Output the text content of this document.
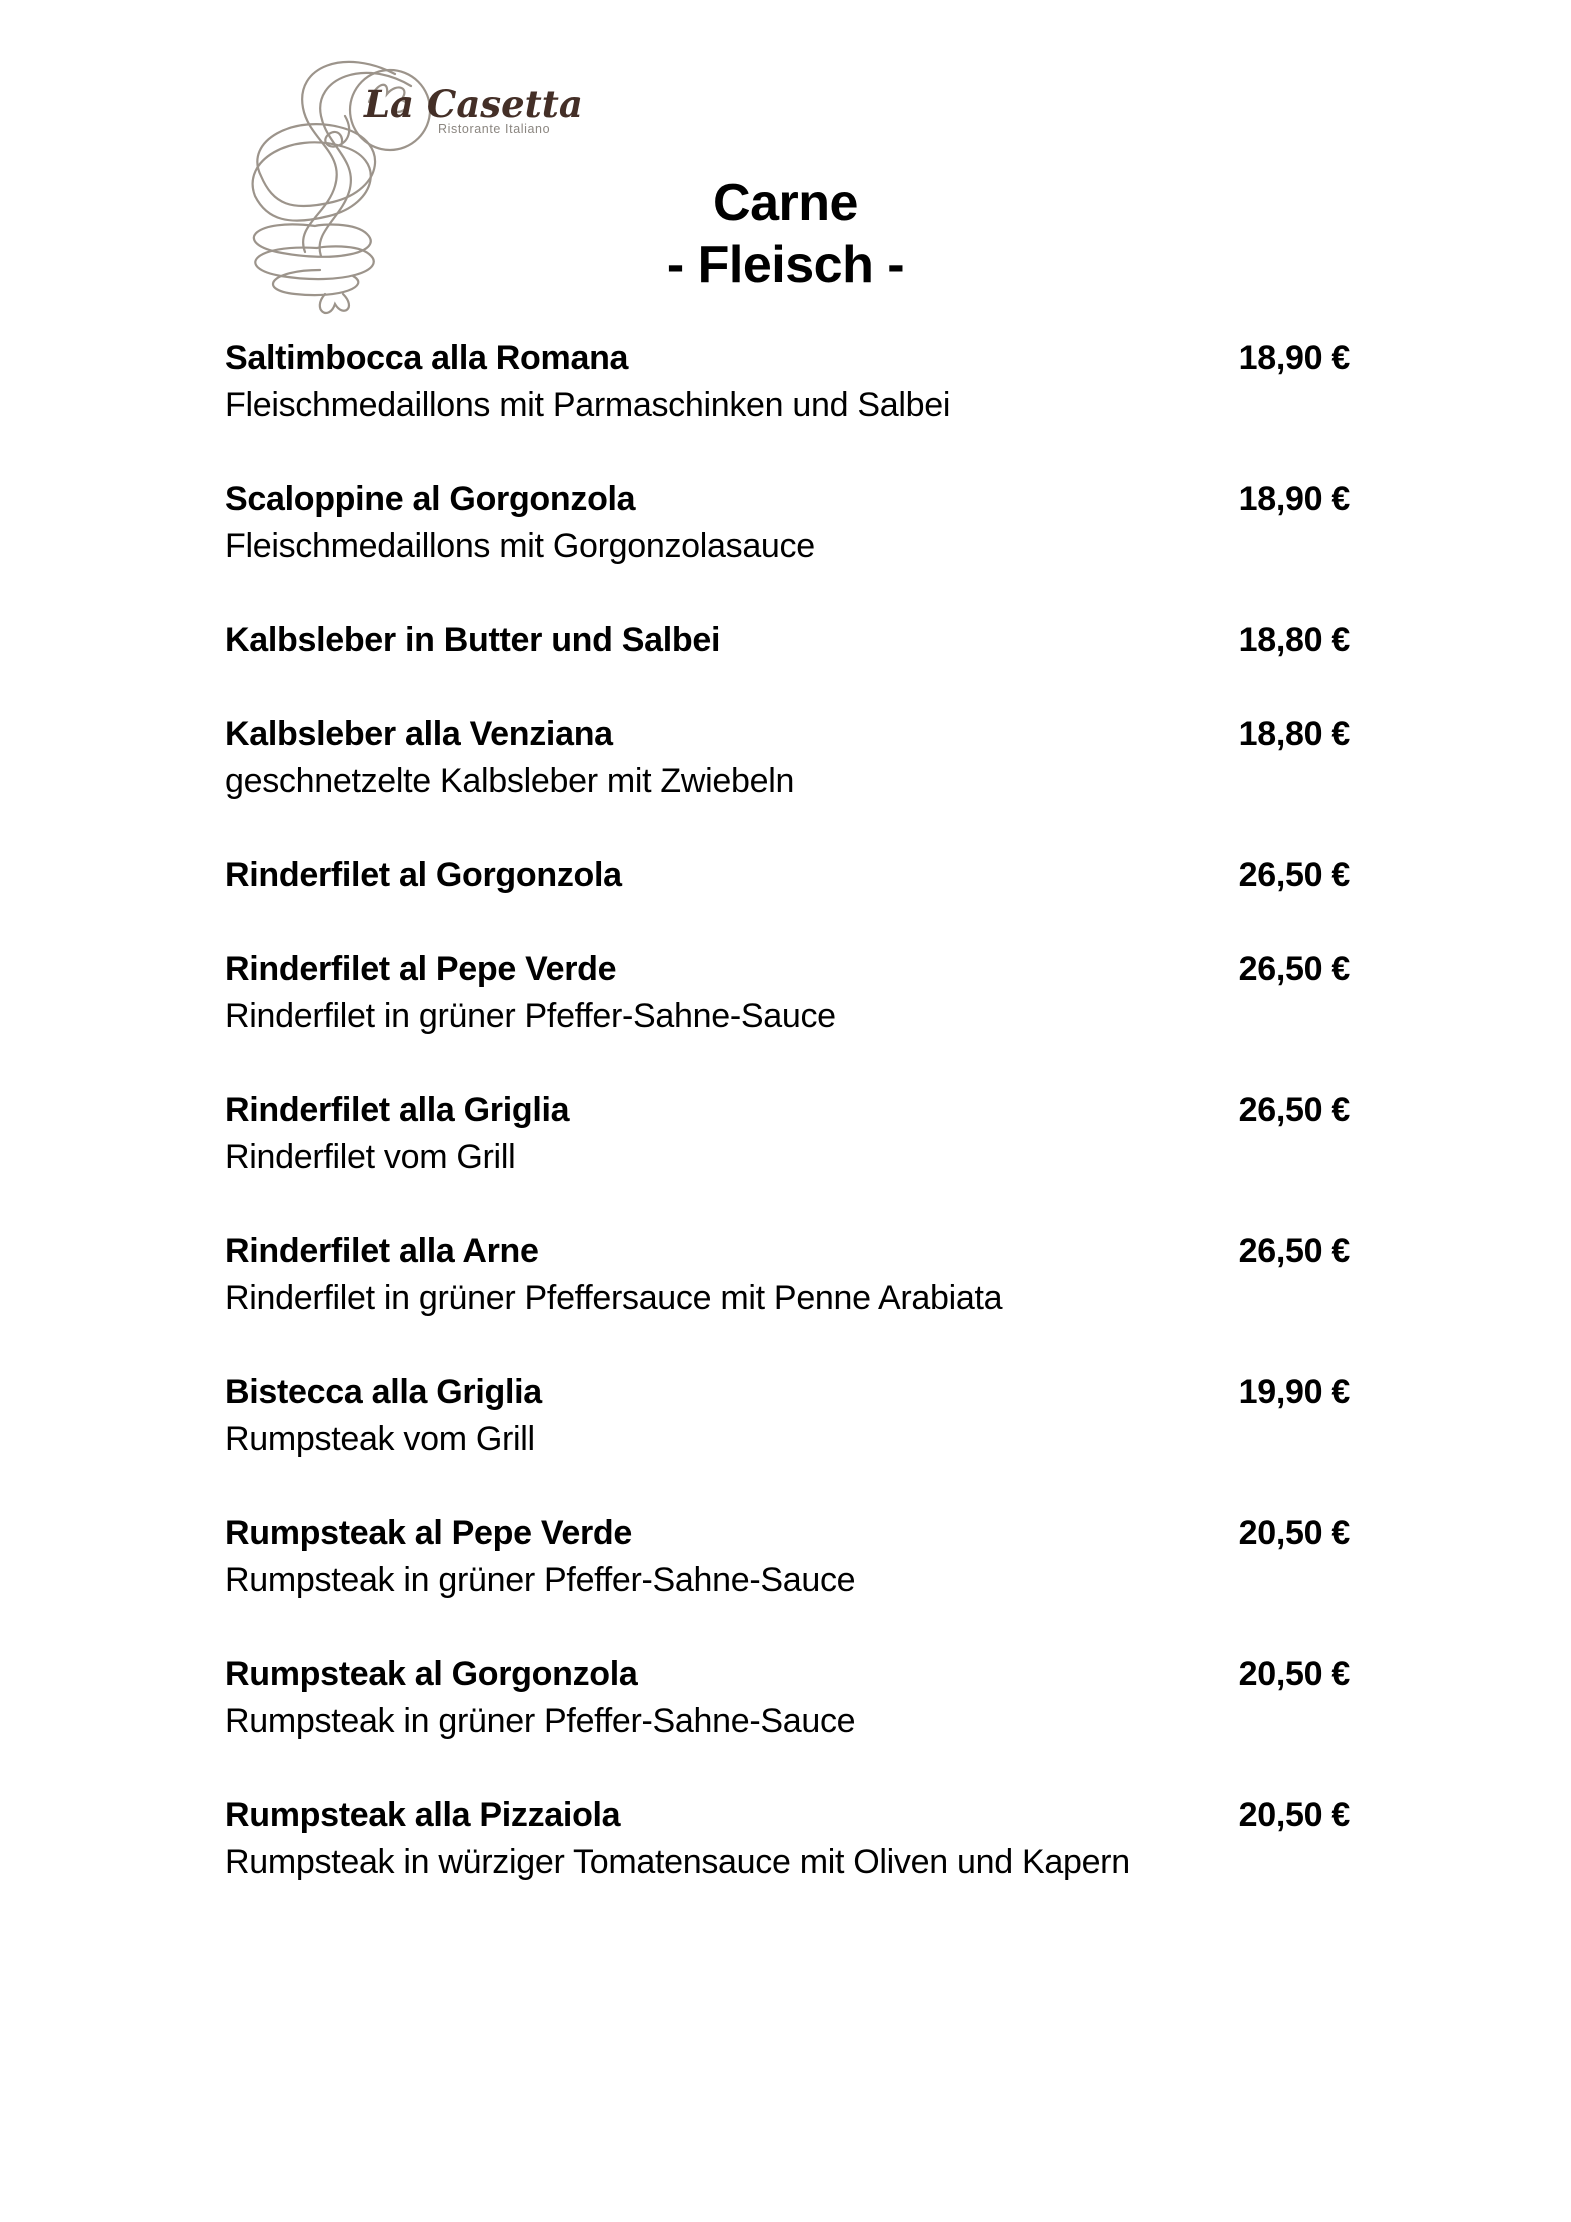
La Casetta
Ristorante Italiano
Carne
- Fleisch -
Saltimbocca alla Romana	18,90 €
Fleischmedaillons mit Parmaschinken und Salbei
Scaloppine al Gorgonzola	18,90 €
Fleischmedaillons mit Gorgonzolasauce
Kalbsleber in Butter und Salbei	18,80 €
Kalbsleber alla Venziana	18,80 €
geschnetzelte Kalbsleber mit Zwiebeln
Rinderfilet al Gorgonzola	26,50 €
Rinderfilet al Pepe Verde	26,50 €
Rinderfilet in grüner Pfeffer-Sahne-Sauce
Rinderfilet alla Griglia	26,50 €
Rinderfilet vom Grill
Rinderfilet alla Arne	26,50 €
Rinderfilet in grüner Pfeffersauce mit Penne Arabiata
Bistecca alla Griglia	19,90 €
Rumpsteak vom Grill
Rumpsteak al Pepe Verde	20,50 €
Rumpsteak in grüner Pfeffer-Sahne-Sauce
Rumpsteak al Gorgonzola	20,50 €
Rumpsteak in grüner Pfeffer-Sahne-Sauce
Rumpsteak alla Pizzaiola	20,50 €
Rumpsteak in würziger Tomatensauce mit Oliven und Kapern
